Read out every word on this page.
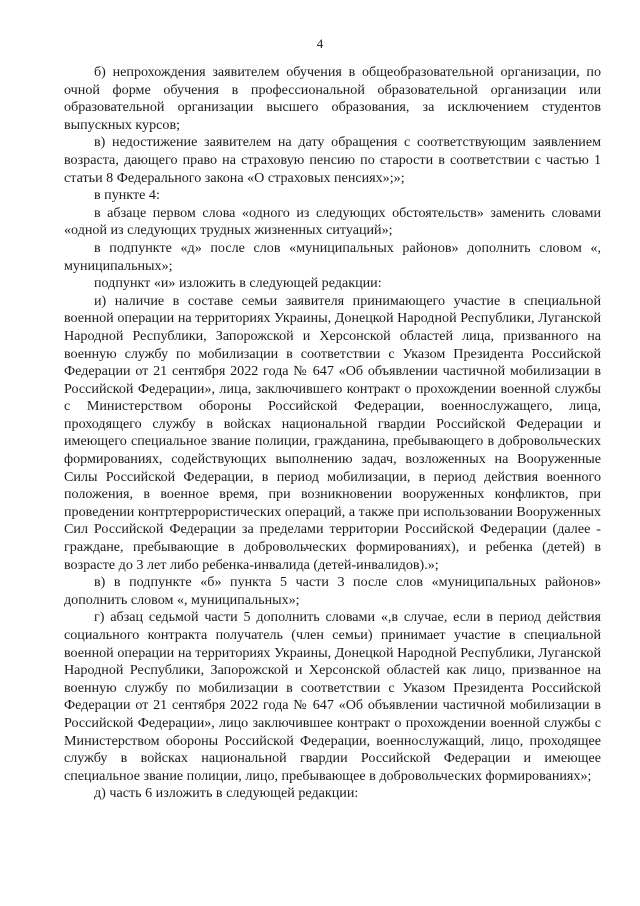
4

б) непрохождения заявителем обучения в общеобразовательной организации, по очной форме обучения в профессиональной образовательной организации или образовательной организации высшего образования, за исключением студентов выпускных курсов;

в) недостижение заявителем на дату обращения с соответствующим заявлением возраста, дающего право на страховую пенсию по старости в соответствии с частью 1 статьи 8 Федерального закона «О страховых пенсиях»;»;

в пункте 4:

в абзаце первом слова «одного из следующих обстоятельств» заменить словами «одной из следующих трудных жизненных ситуаций»;

в подпункте «д» после слов «муниципальных районов» дополнить словом «, муниципальных»;

подпункт «и» изложить в следующей редакции:

и) наличие в составе семьи заявителя принимающего участие в специальной военной операции на территориях Украины, Донецкой Народной Республики, Луганской Народной Республики, Запорожской и Херсонской областей лица, призванного на военную службу по мобилизации в соответствии с Указом Президента Российской Федерации от 21 сентября 2022 года № 647 «Об объявлении частичной мобилизации в Российской Федерации», лица, заключившего контракт о прохождении военной службы с Министерством обороны Российской Федерации, военнослужащего, лица, проходящего службу в войсках национальной гвардии Российской Федерации и имеющего специальное звание полиции, гражданина, пребывающего в добровольческих формированиях, содействующих выполнению задач, возложенных на Вооруженные Силы Российской Федерации, в период мобилизации, в период действия военного положения, в военное время, при возникновении вооруженных конфликтов, при проведении контртеррористических операций, а также при использовании Вооруженных Сил Российской Федерации за пределами территории Российской Федерации (далее - граждане, пребывающие в добровольческих формированиях), и ребенка (детей) в возрасте до 3 лет либо ребенка-инвалида (детей-инвалидов).»;

в) в подпункте «б» пункта 5 части 3 после слов «муниципальных районов» дополнить словом «, муниципальных»;

г) абзац седьмой части 5 дополнить словами «,в случае, если в период действия социального контракта получатель (член семьи) принимает участие в специальной военной операции на территориях Украины, Донецкой Народной Республики, Луганской Народной Республики, Запорожской и Херсонской областей как лицо, призванное на военную службу по мобилизации в соответствии с Указом Президента Российской Федерации от 21 сентября 2022 года № 647 «Об объявлении частичной мобилизации в Российской Федерации», лицо заключившее контракт о прохождении военной службы с Министерством обороны Российской Федерации, военнослужащий, лицо, проходящее службу в войсках национальной гвардии Российской Федерации и имеющее специальное звание полиции, лицо, пребывающее в добровольческих формированиях»;

д) часть 6 изложить в следующей редакции:
